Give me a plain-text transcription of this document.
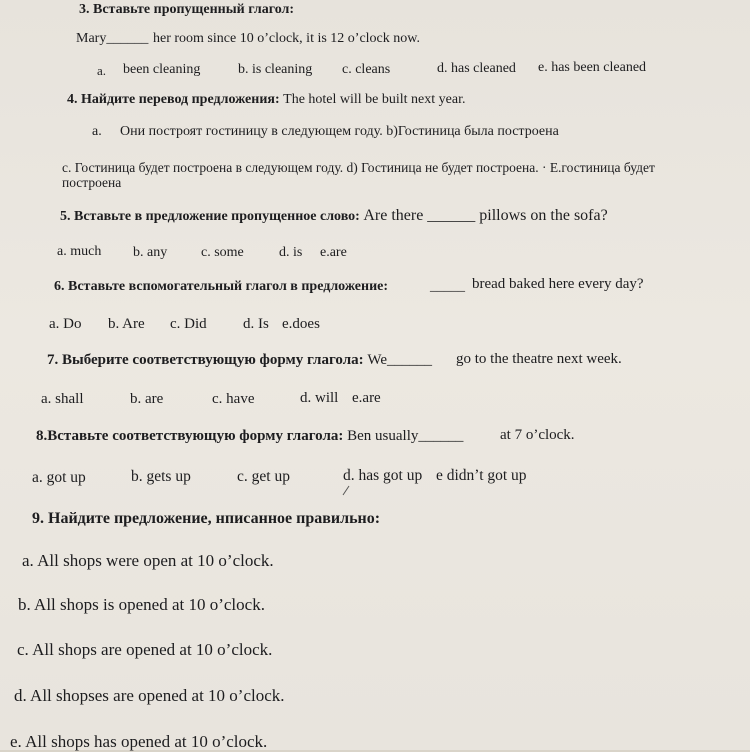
3. Вставьте пропущенный глагол:
Mary______ her room since 10 o’clock, it is 12 o’clock now.
a. been cleaning	b. is cleaning c. cleans	d. has cleaned e. has been cleaned
4. Найдите перевод предложения: The hotel will be built next year.
a. Они построят гостиницу в следующем году. b)Гостиница была построена
c. Гостиница будет построена в следующем году. d) Гостиница не будет построена. · E.гостиница будет
построена
5. Вставьте в предложение пропущенное слово: Are there ______ pillows on the sofa?
a. much b. any c. some	d. is e.are
6. Вставьте вспомогательный глагол в предложение:	_____ bread baked here every day?
a. Do b. Are c. Did d. Is e.does
7. Выберите соответствующую форму глагола: We______ go to the theatre next week.
a. shall	b. are	c. have	d. will e.are
8.Вставьте соответствующую форму глагола: Ben usually______ at 7 o’clock.
a. got up	b. gets up	c. get up	d. has got up e didn’t got up
9. Найдите предложение, нписанное правильно:
a. All shops were open at 10 o’clock.
b. All shops is opened at 10 o’clock.
c. All shops are opened at 10 o’clock.
d. All shopses are opened at 10 o’clock.
e. All shops has opened at 10 o’clock.
